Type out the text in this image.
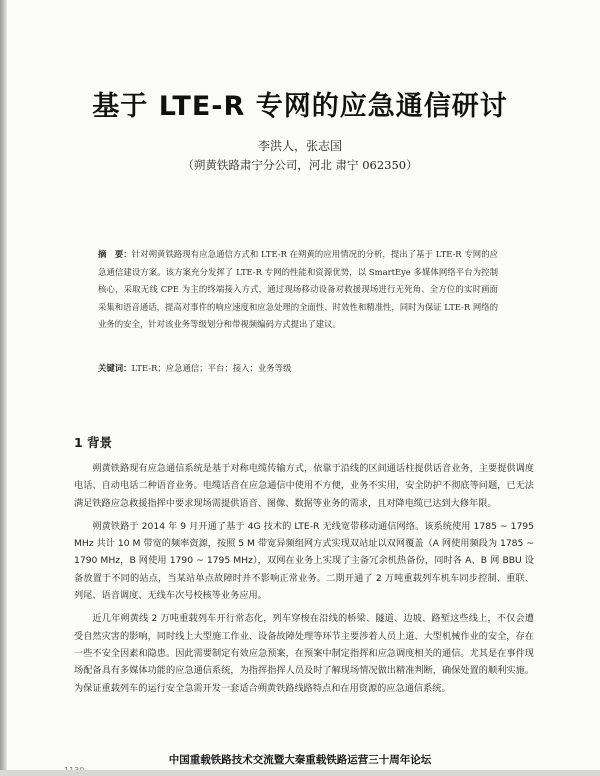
基于 LTE-R 专网的应急通信研讨
李洪人，张志国
（朔黄铁路肃宁分公司，河北 肃宁 062350）
摘　要：针对朔黄铁路现有应急通信方式和 LTE-R 在朔黄的应用情况的分析，提出了基于 LTE-R 专网的应急通信建设方案。该方案充分发挥了 LTE-R 专网的性能和资源优势，以 SmartEye 多媒体网络平台为控制核心，采取无线 CPE 为主的终端接入方式，通过现场移动设备对救援现场进行无死角、全方位的实时画面采集和语音通话，提高对事件的响应速度和应急处理的全面性、时效性和精准性，同时为保证 LTE-R 网络的业务的安全，针对该业务等级划分和带视频编码方式提出了建议。
关键词：LTE-R；应急通信；平台；接入；业务等级
1 背景

朔黄铁路现有应急通信系统是基于对称电缆传输方式，依靠于沿线的区间通话柱提供话音业务，主要提供调度电话、自动电话二种语音业务。电缆话音在应急通信中使用不方便，业务不实用，安全防护不彻底等问题，已无法满足铁路应急救援指挥中要求现场需提供语音、图像、数据等业务的需求，且对降电缆已达到大修年限。

朔黄铁路于 2014 年 9 月开通了基于 4G 技术的 LTE-R 无线宽带移动通信网络。该系统使用 1785 ~ 1795 MHz 共计 10 M 带宽的频率资源，按照 5 M 带宽异频组网方式实现双站址以双网覆盖（A 网使用频段为 1785 ~ 1790 MHz，B 网使用 1790 ~ 1795 MHz），双网在业务上实现了主备冗余机热备份，同时各 A、B 网 BBU 设备放置于不同的站点，当某站单点故障时并不影响正常业务。二期开通了 2 万吨重载列车机车同步控制、重联、列尾、语音调度、无线车次号校核等业务应用。

近几年朔黄线 2 万吨重载列车开行常态化，列车穿梭在沿线的桥梁、隧道、边坡、路堑这些线上，不仅会遭受自然灾害的影响，同时线上大型施工作业、设备故障处理等环节主要涉着人员上道、大型机械作业的安全，存在一些不安全因素和隐患。因此需要制定有效应急预案，在预案中制定指挥和应急调度相关的通信。尤其是在事件现场配备具有多媒体功能的应急通信系统，为指挥指挥人员及时了解现场情况做出精准判断，确保处置的顺利实施。为保证重载列车的运行安全急需开发一套适合朔黄铁路线路特点和在用资源的应急通信系统。

中国重载铁路技术交流暨大秦重载铁路运营三十周年论坛
